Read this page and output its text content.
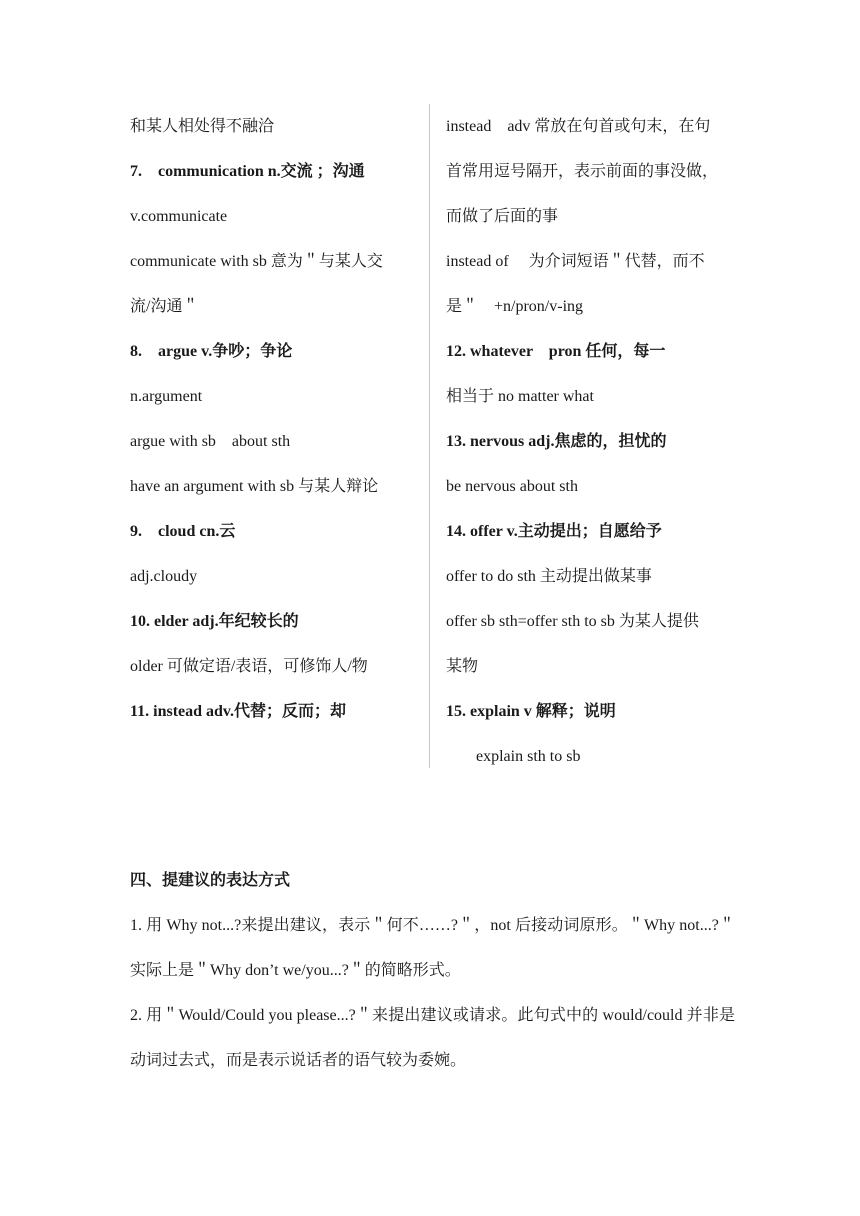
和某人相处得不融洽
7.　communication n.交流 ；沟通
v.communicate
communicate with sb 意为＂与某人交
流/沟通＂
8.　argue v.争吵；争论
n.argument
argue with sb　about sth
have an argument with sb 与某人辩论
9.　cloud cn.云
adj.cloudy
10. elder adj.年纪较长的
older 可做定语/表语，可修饰人/物
11. instead adv.代替；反而；却
instead　adv 常放在句首或句末，在句
首常用逗号隔开，表示前面的事没做，
而做了后面的事
instead of　 为介词短语＂代替，而不
是＂　+n/pron/v-ing
12. whatever　pron 任何，每一
相当于 no matter what
13. nervous adj.焦虑的，担忧的
be nervous about sth
14. offer v.主动提出；自愿给予
offer to do sth 主动提出做某事
offer sb sth=offer sth to sb 为某人提供
某物
15. explain v 解释；说明
explain sth to sb
四、提建议的表达方式
1. 用 Why not...?来提出建议，表示＂何不……?＂，not 后接动词原形。＂Why not...?＂实际上是＂Why don’t we/you...?＂的简略形式。
2. 用＂Would/Could you please...?＂来提出建议或请求。此句式中的 would/could 并非是动词过去式，而是表示说话者的语气较为委婉。
